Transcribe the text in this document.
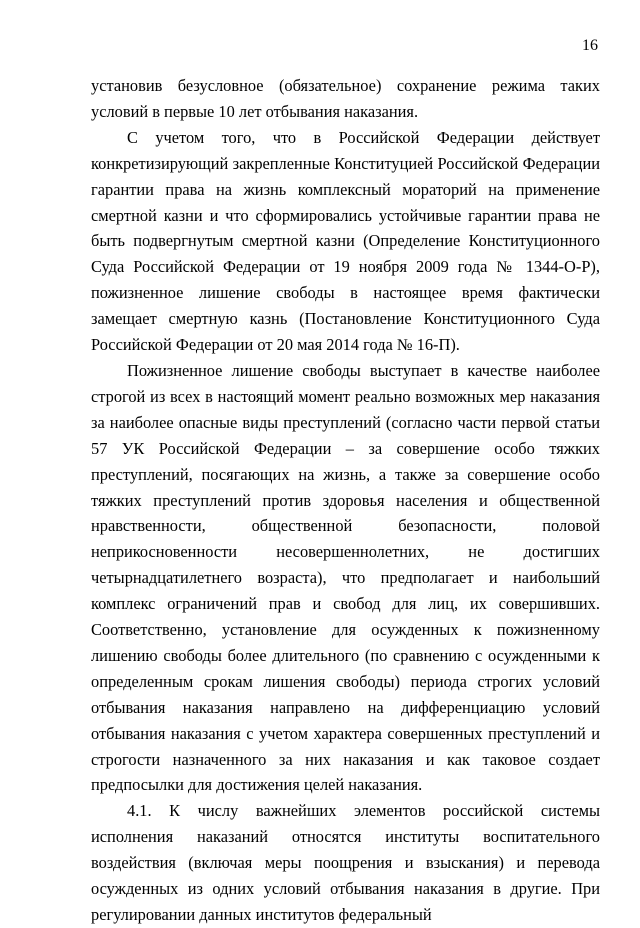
16

установив безусловное (обязательное) сохранение режима таких условий в первые 10 лет отбывания наказания.

С учетом того, что в Российской Федерации действует конкретизирующий закрепленные Конституцией Российской Федерации гарантии права на жизнь комплексный мораторий на применение смертной казни и что сформировались устойчивые гарантии права не быть подвергнутым смертной казни (Определение Конституционного Суда Российской Федерации от 19 ноября 2009 года № 1344-О-Р), пожизненное лишение свободы в настоящее время фактически замещает смертную казнь (Постановление Конституционного Суда Российской Федерации от 20 мая 2014 года № 16-П).

Пожизненное лишение свободы выступает в качестве наиболее строгой из всех в настоящий момент реально возможных мер наказания за наиболее опасные виды преступлений (согласно части первой статьи 57 УК Российской Федерации – за совершение особо тяжких преступлений, посягающих на жизнь, а также за совершение особо тяжких преступлений против здоровья населения и общественной нравственности, общественной безопасности, половой неприкосновенности несовершеннолетних, не достигших четырнадцатилетнего возраста), что предполагает и наибольший комплекс ограничений прав и свобод для лиц, их совершивших. Соответственно, установление для осужденных к пожизненному лишению свободы более длительного (по сравнению с осужденными к определенным срокам лишения свободы) периода строгих условий отбывания наказания направлено на дифференциацию условий отбывания наказания с учетом характера совершенных преступлений и строгости назначенного за них наказания и как таковое создает предпосылки для достижения целей наказания.

4.1. К числу важнейших элементов российской системы исполнения наказаний относятся институты воспитательного воздействия (включая меры поощрения и взыскания) и перевода осужденных из одних условий отбывания наказания в другие. При регулировании данных институтов федеральный
